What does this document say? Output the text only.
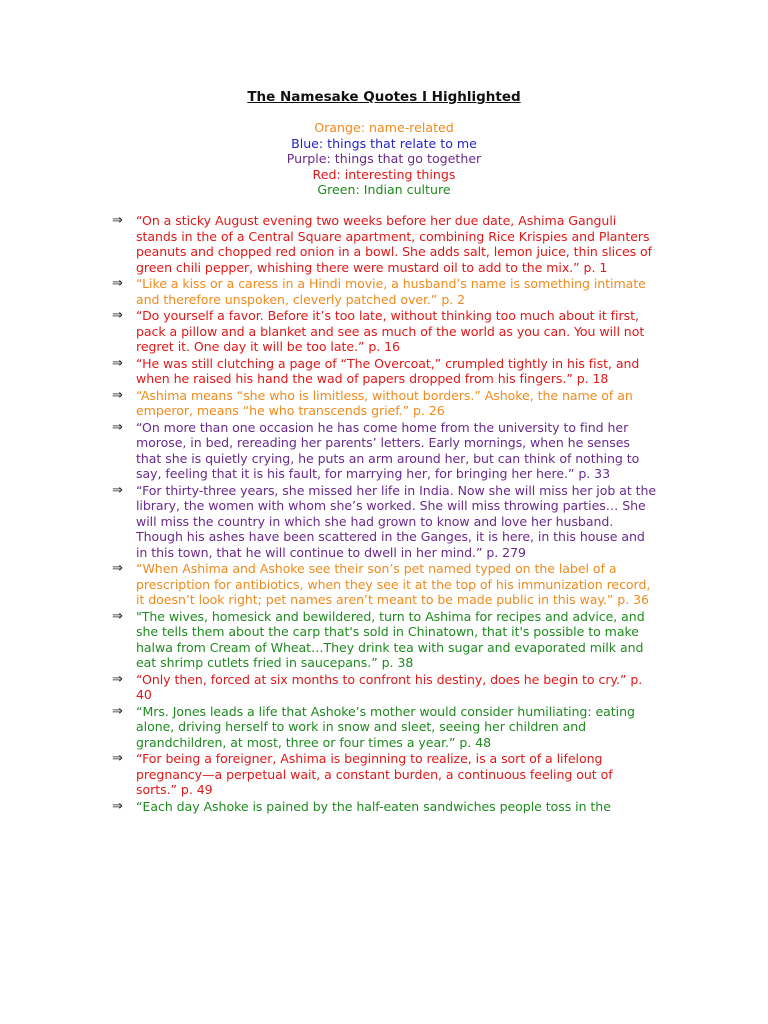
The Namesake Quotes I Highlighted
Orange: name-related
Blue: things that relate to me
Purple: things that go together
Red: interesting things
Green: Indian culture
⇒	“On a sticky August evening two weeks before her due date, Ashima Ganguli stands in the of a Central Square apartment, combining Rice Krispies and Planters peanuts and chopped red onion in a bowl. She adds salt, lemon juice, thin slices of green chili pepper, whishing there were mustard oil to add to the mix.” p. 1
⇒	“Like a kiss or a caress in a Hindi movie, a husband’s name is something intimate and therefore unspoken, cleverly patched over.” p. 2
⇒	“Do yourself a favor. Before it’s too late, without thinking too much about it first, pack a pillow and a blanket and see as much of the world as you can. You will not regret it. One day it will be too late.” p. 16
⇒	“He was still clutching a page of “The Overcoat,” crumpled tightly in his fist, and when he raised his hand the wad of papers dropped from his fingers.” p. 18
⇒	“Ashima means “she who is limitless, without borders.” Ashoke, the name of an emperor, means “he who transcends grief.” p. 26
⇒	“On more than one occasion he has come home from the university to find her morose, in bed, rereading her parents’ letters. Early mornings, when he senses that she is quietly crying, he puts an arm around her, but can think of nothing to say, feeling that it is his fault, for marrying her, for bringing her here.” p. 33
⇒	“For thirty-three years, she missed her life in India. Now she will miss her job at the library, the women with whom she’s worked. She will miss throwing parties… She will miss the country in which she had grown to know and love her husband. Though his ashes have been scattered in the Ganges, it is here, in this house and in this town, that he will continue to dwell in her mind.” p. 279
⇒	“When Ashima and Ashoke see their son’s pet named typed on the label of a prescription for antibiotics, when they see it at the top of his immunization record, it doesn’t look right; pet names aren’t meant to be made public in this way.” p. 36
⇒	"The wives, homesick and bewildered, turn to Ashima for recipes and advice, and she tells them about the carp that's sold in Chinatown, that it's possible to make halwa from Cream of Wheat…They drink tea with sugar and evaporated milk and eat shrimp cutlets fried in saucepans.” p. 38
⇒	“Only then, forced at six months to confront his destiny, does he begin to cry.” p. 40
⇒	“Mrs. Jones leads a life that Ashoke’s mother would consider humiliating: eating alone, driving herself to work in snow and sleet, seeing her children and grandchildren, at most, three or four times a year.” p. 48
⇒	“For being a foreigner, Ashima is beginning to realize, is a sort of a lifelong pregnancy—a perpetual wait, a constant burden, a continuous feeling out of sorts.” p. 49
⇒	“Each day Ashoke is pained by the half-eaten sandwiches people toss in the
